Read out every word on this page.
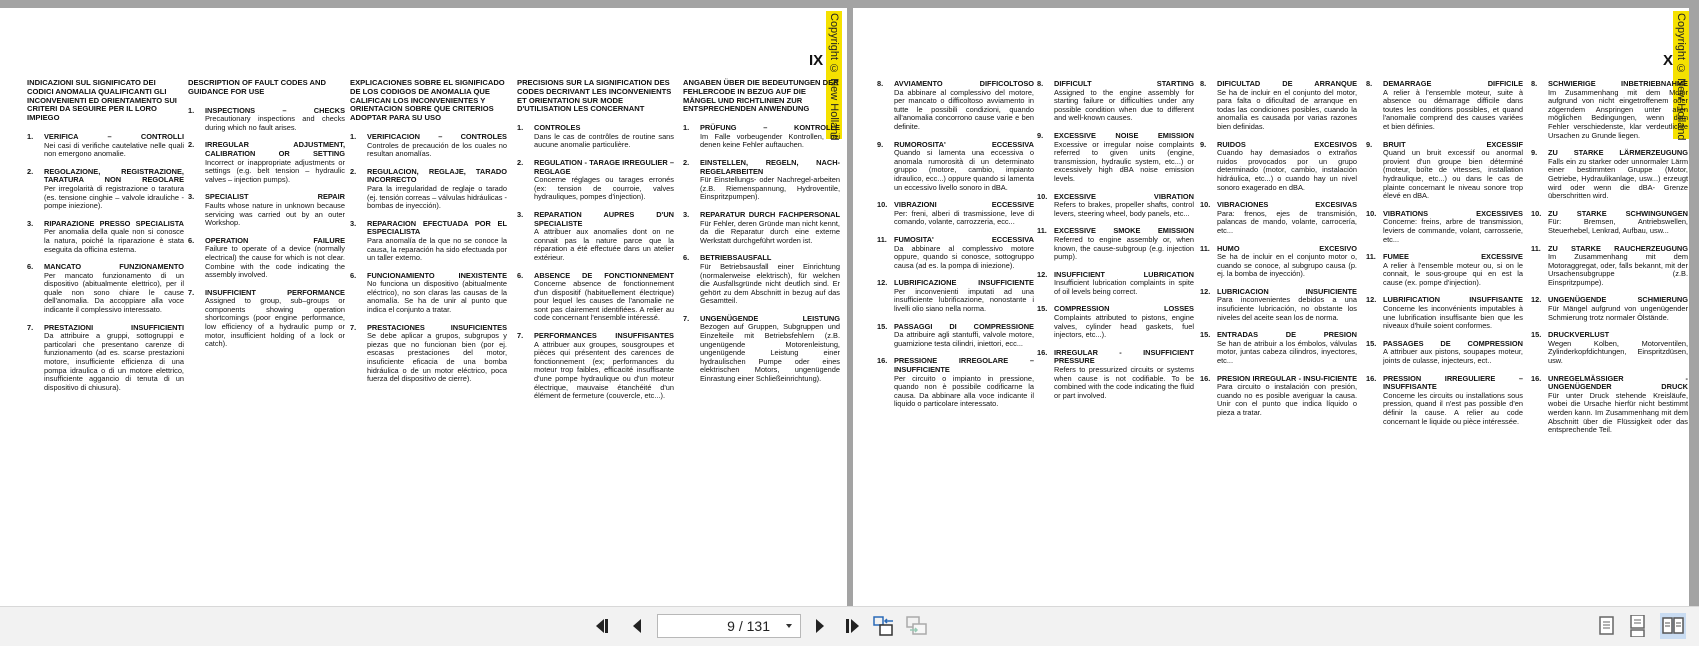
IX Copyright © New Holland
INDICAZIONI SUL SIGNIFICATO DEI CODICI ANOMALIA QUALIFICANTI GLI INCONVENIENTI ED ORIENTAMENTO SUI CRITERI DA SEGUIRE PER IL LORO IMPIEGO
1. VERIFICA – CONTROLLI
Nei casi di verifiche cautelative nelle quali non emergono anomalie.
2. REGOLAZIONE, REGISTRAZIONE, TARATURA NON REGOLARE
Per irregolarità di registrazione o taratura (es. tensione cinghie – valvole idrauliche - pompe iniezione).
3. RIPARAZIONE PRESSO SPECIALISTA
Per anomalia della quale non si conosce la natura, poiché la riparazione è stata eseguita da officina esterna.
6. MANCATO FUNZIONAMENTO
Per mancato funzionamento di un dispositivo (abitualmente elettrico), per il quale non sono chiare le cause dell'anomalia. Da accoppiare alla voce indicante il complessivo interessato.
7. PRESTAZIONI INSUFFICIENTI
Da attribuire a gruppi, sottogruppi e particolari che presentano carenze di funzionamento (ad es. scarse prestazioni motore, insufficiente efficienza di una pompa idraulica o di un motore elettrico, insufficiente aggancio di tenuta di un dispositivo di chiusura).
DESCRIPTION OF FAULT CODES AND GUIDANCE FOR USE
1. INSPECTIONS – CHECKS
Precautionary inspections and checks during which no fault arises.
2. IRREGULAR ADJUSTMENT, CALIBRATION OR SETTING
Incorrect or inappropriate adjustments or settings (e.g. belt tension – hydraulic valves – injection pumps).
3. SPECIALIST REPAIR
Faults whose nature in unknown because servicing was carried out by an outer Workshop.
6. OPERATION FAILURE
Failure to operate of a device (normally electrical) the cause for which is not clear. Combine with the code indicating the assembly involved.
7. INSUFFICIENT PERFORMANCE
Assigned to group, sub–groups or components showing operation shortcomings (poor engine performance, low efficiency of a hydraulic pump or motor, insufficient holding of a lock or catch).
EXPLICACIONES SOBRE EL SIGNIFICADO DE LOS CODIGOS DE ANOMALIA QUE CALIFICAN LOS INCONVENIENTES Y ORIENTACION SOBRE QUE CRITERIOS ADOPTAR PARA SU USO
1. VERIFICACION – CONTROLES
Controles de precaución de los cuales no resultan anomalías.
2. REGULACION, REGLAJE, TARADO INCORRECTO
Para la irregularidad de reglaje o tarado (ej. tensión correas – válvulas hidráulicas - bombas de inyección).
3. REPARACION EFECTUADA POR EL ESPECIALISTA
Para anomalía de la que no se conoce la causa, la reparación ha sido efectuada por un taller externo.
6. FUNCIONAMIENTO INEXISTENTE
No funciona un dispositivo (abitualmente eléctrico), no son claras las causas de la anomalía. Se ha de unir al punto que indica el conjunto a tratar.
7. PRESTACIONES INSUFICIENTES
Se debe aplicar a grupos, subgrupos y piezas que no funcionan bien (por ej. escasas prestaciones del motor, insuficiente eficacia de una bomba hidráulica o de un motor eléctrico, poca fuerza del dispositivo de cierre).
PRECISIONS SUR LA SIGNIFICATION DES CODES DECRIVANT LES INCONVENIENTS ET ORIENTATION SUR MODE D'UTILISATION LES CONCERNANT
1. CONTROLES
Dans le cas de contrôles de routine sans aucune anomalie particulière.
2. REGULATION - TARAGE IRREGULIER – REGLAGE
Concerne réglages ou tarages erronés (ex: tension de courroie, valves hydrauliques, pompes d'injection).
3. REPARATION AUPRES D'UN SPECIALISTE
A attribuer aux anomalies dont on ne connait pas la nature parce que la réparation a été effectuée dans un atelier extérieur.
6. ABSENCE DE FONCTIONNEMENT
Concerne absence de fonctionnement d'un dispositif (habituellement électrique) pour lequel les causes de l'anomalie ne sont pas clairement identifiées. A relier au code concernant l'ensemble intéressé.
7. PERFORMANCES INSUFFISANTES
A attribuer aux groupes, sousgroupes et pièces qui présentent des carences de fonctionnement (ex; performances du moteur trop faibles, efficacité insuffisante d'une pompe hydraulique ou d'un moteur électrique, mauvaise étanchéité d'un élément de fermeture (couvercle, etc...).
ANGABEN ÜBER DIE BEDEUTUNGEN DER FEHLERCODE IN BEZUG AUF DIE MÄNGEL UND RICHTLINIEN ZUR ENTSPRECHENDEN ANWENDUNG
1. PRÜFUNG – KONTROLLE
Im Falle vorbeugender Kontrollen, bei denen keine Fehler auftauchen.
2. EINSTELLEN, REGELN, NACH-REGELARBEITEN
Für Einstellungs- oder Nachregel-arbeiten (z.B. Riemenspannung, Hydroventile, Einspritzpumpen).
3. REPARATUR DURCH FACHPERSONAL
Für Fehler, deren Gründe man nicht kennt, da die Reparatur durch eine externe Werkstatt durchgeführt worden ist.
6. BETRIEBSAUSFALL
Für Betriebsausfall einer Einrichtung (normalerweise elektrisch), für welchen die Ausfallsgründe nicht deutlich sind. Er gehört zu dem Abschnitt in bezug auf das Gesamtteil.
7. UNGENÜGENDE LEISTUNG
Bezogen auf Gruppen, Subgruppen und Einzelteile mit Betriebsfehlern (z.B. ungenügende Motorenleistung, ungenügende Leistung einer hydraulischen Pumpe oder eines elektrischen Motors, ungenügende Einrastung einer Schließeinrichtung).
X Copyright © New Holland
8. AVVIAMENTO DIFFICOLTOSO
Da abbinare al complessivo del motore, per mancato o difficoltoso avviamento in tutte le possibili condizioni, quando all'anomalia concorrono cause varie e ben definite.
9. RUMOROSITA' ECCESSIVA
Quando si lamenta una eccessiva o anomala rumorosità di un determinato gruppo (motore, cambio, impianto idraulico, ecc...) oppure quando si lamenta un eccessivo livello sonoro in dBA.
10. VIBRAZIONI ECCESSIVE
Per: freni, alberi di trasmissione, leve di comando, volante, carrozzeria, ecc...
11. FUMOSITA' ECCESSIVA
Da abbinare al complessivo motore oppure, quando si conosce, sottogruppo causa (ad es. la pompa di iniezione).
12. LUBRIFICAZIONE INSUFFICIENTE
Per inconvenienti imputati ad una insufficiente lubrificazione, nonostante i livelli olio siano nella norma.
15. PASSAGGI DI COMPRESSIONE
Da attribuire agli stantuffi, valvole motore, guarnizione testa cilindri, iniettori, ecc...
16. PRESSIONE IRREGOLARE – INSUFFICIENTE
Per circuito o impianto in pressione, quando non è possibile codificarne la causa. Da abbinare alla voce indicante il liquido o particolare interessato.
8. DIFFICULT STARTING
Assigned to the engine assembly for starting failure or difficulties under any possible condition when due to different and well-known causes.
9. EXCESSIVE NOISE EMISSION
Excessive or irregular noise complaints referred to given units (engine, transmission, hydraulic system, etc...) or excessively high dBA noise emission levels.
10. EXCESSIVE VIBRATION
Refers to brakes, propeller shafts, control levers, steering wheel, body panels, etc...
11. EXCESSIVE SMOKE EMISSION
Referred to engine assembly or, when known, the cause-subgroup (e.g. injection pump).
12. INSUFFICIENT LUBRICATION
Insufficient lubrication complaints in spite of oil levels being correct.
15. COMPRESSION LOSSES
Complaints attributed to pistons, engine valves, cylinder head gaskets, fuel injectors, etc...).
16. IRREGULAR - INSUFFICIENT PRESSURE
Refers to pressurized circuits or systems when cause is not codifiable. To be combined with the code indicating the fluid or part involved.
8. DIFICULTAD DE ARRANQUE
Se ha de incluir en el conjunto del motor, para falta o dificultad de arranque en todas las condiciones posibles, cuando la anomalía es causada por varias razones bien definidas.
9. RUIDOS EXCESIVOS
Cuando hay demasiados o extraños ruidos provocados por un grupo determinado (motor, cambio, instalación hidráulica, etc...) o cuando hay un nivel sonoro exagerado en dBA.
10. VIBRACIONES EXCESIVAS
Para: frenos, ejes de transmisión, palancas de mando, volante, carrocería, etc...
11. HUMO EXCESIVO
Se ha de incluir en el conjunto motor o, cuando se conoce, al subgrupo causa (p. ej. la bomba de inyección).
12. LUBRICACION INSUFICIENTE
Para inconvenientes debidos a una insuficiente lubricación, no obstante los niveles del aceite sean los de norma.
15. ENTRADAS DE PRESION
Se han de atribuir a los émbolos, válvulas motor, juntas cabeza cilindros, inyectores, etc...
16. PRESION IRREGULAR - INSU-FICIENTE
Para circuito o instalación con presión, cuando no es posible averiguar la causa. Unir con el punto que indica líquido o pieza a tratar.
8. DEMARRAGE DIFFICILE
A relier à l'ensemble moteur, suite à absence ou démarrage difficile dans toutes les conditions possibles, et quand l'anomalie comprend des causes variées et bien définies.
9. BRUIT EXCESSIF
Quand un bruit excessif ou anormal provient d'un groupe bien déterminé (moteur, boîte de vitesses, installation hydraulique, etc...) ou dans le cas de plainte concernant le niveau sonore trop élevé en dBA.
10. VIBRATIONS EXCESSIVES
Concerne: freins, arbre de transmission, leviers de commande, volant, carrosserie, etc...
11. FUMEE EXCESSIVE
A relier à l'ensemble moteur ou, si on le connait, le sous-groupe qui en est la cause (ex. pompe d'injection).
12. LUBRIFICATION INSUFFISANTE
Concerne les inconvénients imputables à une lubrification insuffisante bien que les niveaux d'huile soient conformes.
15. PASSAGES DE COMPRESSION
A attribuer aux pistons, soupapes moteur, joints de culasse, injecteurs, ect..
16. PRESSION IRREGULIERE – INSUFFISANTE
Concerne les circuits ou installations sous pression, quand il n'est pas possible d'en définir la cause. A relier au code concernant le liquide ou pièce intéressée.
8. SCHWIERIGE INBETRIEBNAHME
Im Zusammenhang mit dem Motor aufgrund von nicht eingetroffenem oder zögerndem Anspringen unter allen möglichen Bedingungen, wenn dem Fehler verschiedenste, klar verdeutlichte Ursachen zu Grunde liegen.
9. ZU STARKE LÄRMERZEUGUNG
Falls ein zu starker oder unnormaler Lärm einer bestimmten Gruppe (Motor, Getriebe, Hydraulikanlage, usw...) erzeugt wird oder wenn die dBA- Grenze überschritten wird.
10. ZU STARKE SCHWINGUNGEN
Für: Bremsen, Antriebswellen, Steuerhebel, Lenkrad, Aufbau, usw...
11. ZU STARKE RAUCHERZEUGUNG
Im Zusammenhang mit dem Motoraggregat, oder, falls bekannt, mit der Ursachensubgruppe (z.B. Einspritzpumpe).
12. UNGENÜGENDE SCHMIERUNG
Für Mängel aufgrund von ungenügender Schmierung trotz normaler Ölstände.
15. DRUCKVERLUST
Wegen Kolben, Motorventilen, Zylinderkopfdichtungen, Einspritzdüsen, usw.
16. UNREGELMÄSSIGER - UNGENÜGENDER DRUCK
Für unter Druck stehende Kreisläufe, wobei die Ursache hierfür nicht bestimmt werden kann. Im Zusammenhang mit dem Abschnitt über die Flüssigkeit oder das entsprechende Teil.
9 / 131
